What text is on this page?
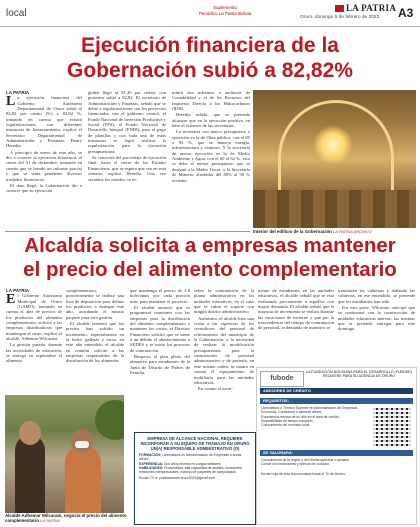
local
Suplemento
Periódico La Patria Bolivia
LA PATRIA
Oruro, domingo 5 de febrero de 2023 A3
Ejecución financiera de la
Gobernación subió a 82,82%
LA PATRIA

La ejecución financiera del Gobierno Autónomo Departamental de Oruro subió al 82,82 por ciento (%) a 82,82 %, tomando en cuenta que existió regularizaciones con diferentes instancias de financiamiento, explicó el Secretario Departamental de Administración y Finanzas, Henry Heredia.

A principio de enero de este año, se dio a conocer la ejecución financiera, al cierre del 31 de diciembre, tomando en cuenta que se brindó un informe parcial y que se tenía pendiente diversos traslados financieros.

El dato llegó, la Gobernación dio a conocer que su ejecución

global llegó al 81,20 por ciento, con posterior subió a 82,82. El secretario de Administración y Finanzas, señaló que se debió a regularizaciones con los proyectos financiados con el gobierno central, el Fondo Nacional de Inversión Productiva y Social (FPS), el Fondo Nacional de Desarrollo Integral (FNDI), para el pago de planillas y con cada una de estas instancias se logró realizar la regularización para la ejecución presupuestaria.

Se conocerá del porcentaje de ejecución final, hasta el cierre de los Estados Financieros, que se espera que sea en esta semana, explicó Heredia. Una vez cerrados los estados, se re-

mitirá dos informes a auditoría de Contabilidad y al de los Recursos del Impuesto Directo a los Hidrocarburos (IDH).

Heredia señaló, que se pretende alcanzar que en la ejecución positiva, en base al esfuerzo de las secretarías.

La secretaría con mayor presupuesto y ejecución es la de Obra pública, con el 85 a 93 %, que se maneja energía, infraestructura y caminos. Y la secretaría de menor ejecución es la de Medio Ambiente y Agua, con el 60 al 62 %, esto se debe al menor presupuesto que se designó a la Madre Tierra, y la Secretaría de Minería, alrededor del 80% al 90 % reciente.

Interior del edificio de la Gobernación LA PATRIA ARCHIVO
Alcaldía solicita a empresas mantener
el precio del alimento complementario
LA PATRIA

El Gobierno Autónomo Municipal de Oruro (GAMO), tomando en cuenta el alza de precios de los productos del alimento complementario, solicitó a las empresas distribuidoras que mantengan el costo, explicó el alcalde, Adhemar Wilcarani.

La gestión pasada, durante las actividades de educación, se entregó en septiembre el alimento

complementario, posteriormente se realizó una lista de depuración para definir los productos a entregar este año, acordando el mismo paquete para esta gestión.

El alcalde lamentó que los precios han sufrido un incremento, especialmente en la leche, galletas y arroz, en este año entendido el alcalde en reunión solicitó a las empresas responsables de la distribución de los alimentos

que mantenga el precio de 4.8 bolivianos por cada porción más, para mantener el proyecto.

El alcalde anunció que se programará reuniones con las empresas para la distribución del alimento complementario y mantener los costos, el Director Financiero solicitó que se sume a un debido el abastecimiento a SEDES y se inicie los procesos de contratación.

Respecto al plan piloto del almuerzo para estudiantes de la Junta de Distrito de Padres de Familia,

sobre la contratación de la planta administrativa en las unidades educativas, en el caso que se cubra el soporte con ningún distrito administrativo.

Asimismo, el alcalde hizo una visita a las vigencias de los consultores del personal de relevamiento del municipio de la Gobernación, a la necesidad de realizar la modificación presupuestaria para la contratación de personal administrativo y de portería, en este mismo orden, se notará en cuenta el equipamiento de mobiliario para las unidades educativas.

En cuanto al incre-

mento de estudiantes en las unidades educativas, el alcalde señaló que se está evaluando previamente a aquellos con mayor demanda. El alcalde señaló que la mayoría de incremento se realizó durante las vacaciones de invierno y que por la trascendencia del tiempo de contratación de personal, la demanda de maestros se

tramitarán los cubiertas y dañando las cubiertas, en ese entendido, se pretende que los estudiantes han sido.

Por esta parte, Wilcarani anticipó que se continuará con la construcción de unidades educativas nuevas, las mismas que se pretende entregar para este domingo.

Alcalde Adhemar Wilcarani, negocia el precio del alimento complementario LA PATRIA
EMPRESA DE ALCANCE NACIONAL REQUIERE INCORPORAR A SU EQUIPO DE TRABAJO EN ORURO UN(A) RESPONSABLE ADMINISTRATIVO (O)
FORMACIÓN: Licenciatura en Administración de Empresas o áreas afines.
EXPERIENCIA: Dos años mínimo en cargos similares.
HABILIDADES: Proactividad, alta capacidad de análisis, excelentes relaciones interpersonales, manejo de paquetes de computación.
Enviar CV a: postulaciones.oruro2023@gmail.com
fubode
LA FUNDACIÓN BOLIVIANA PARA EL DESARROLLO (FUBODE) REQUIERE PARA SU AGENCIA DE ORURO
ASESORES DE CRÉDITO
REQUISITOS:
Licenciatura o Técnico Superior en Administración de Empresas, Economía, Contaduría o carreras afines.
Experiencia mínima de un año en el área de crédito.
Disponibilidad de tiempo completo.
Conocimiento del mercado local.
SE VALORARÁ:
Conocimiento de la región y del idioma quechua o aymara.
Contar con motocicleta y licencia de conducir.
Enviar hoja de vida documentada hasta el 10 de febrero.
